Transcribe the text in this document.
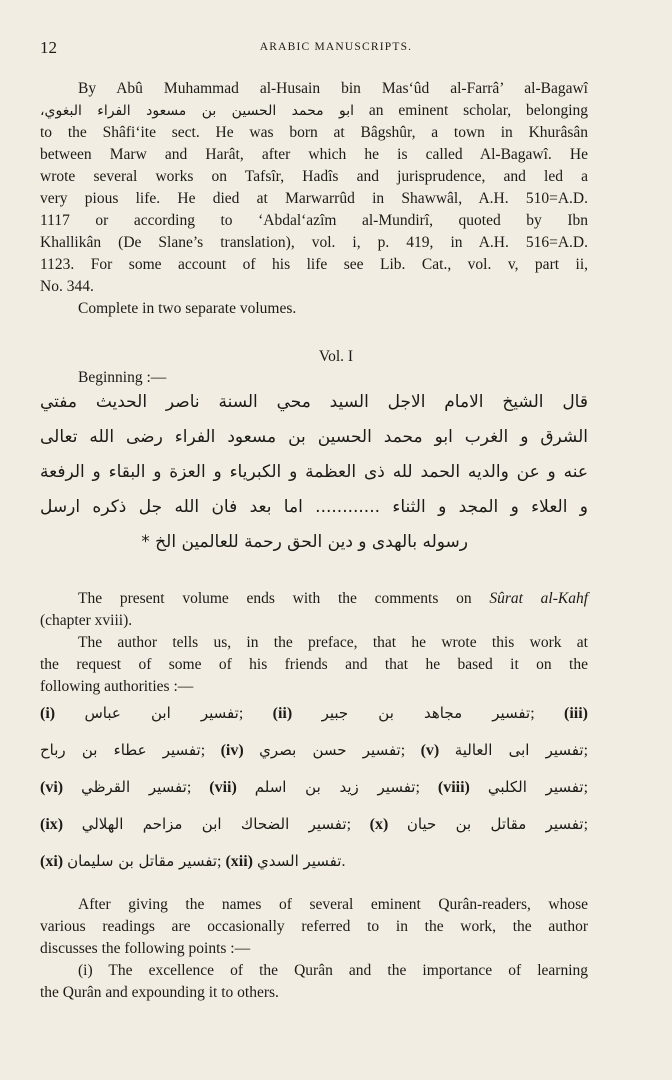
12	ARABIC MANUSCRIPTS.
By Abû Muhammad al-Husain bin Mas‘ûd al-Farrâ’ al-Bagawî
ابو محمد الحسين بن مسعود الفراء البغوي، an eminent scholar, belonging
to the Shâfi‘ite sect. He was born at Bâgshûr, a town in Khurâsân
between Marw and Harât, after which he is called Al-Bagawî. He
wrote several works on Tafsîr, Hadîs and jurisprudence, and led a
very pious life. He died at Marwarrûd in Shawwâl, A.H. 510=A.D.
1117 or according to ‘Abdal‘azîm al-Mundirî, quoted by Ibn
Khallikân (De Slane’s translation), vol. i, p. 419, in A.H. 516=A.D.
1123. For some account of his life see Lib. Cat., vol. v, part ii,
No. 344.
Complete in two separate volumes.
Vol. I
Beginning :—
قال الشيخ الامام الاجل السيد محي السنة ناصر الحديث مفتي
الشرق و الغرب ابو محمد الحسين بن مسعود الفراء رضى الله تعالى
عنه و عن والديه الحمد لله ذى العظمة و الكبرياء و العزة و البقاء و الرفعة
و العلاء و المجد و الثناء ............ اما بعد فان الله جل ذكره ارسل
رسوله بالهدى و دين الحق رحمة للعالمين الخ *
The present volume ends with the comments on Sûrat al-Kahf
(chapter xviii).
The author tells us, in the preface, that he wrote this work at
the request of some of his friends and that he based it on the
following authorities :—
(i) تفسير ابن عباس; (ii) تفسير مجاهد بن جبير; (iii)
تفسير عطاء بن رباح; (iv) تفسير حسن بصري; (v) تفسير ابى العالية;
(vi) تفسير القرظي; (vii) تفسير زيد بن اسلم; (viii) تفسير الكلبي;
(ix) تفسير الضحاك ابن مزاحم الهلالي; (x) تفسير مقاتل بن حيان;
(xi) تفسير مقاتل بن سليمان; (xii) تفسير السدي.
After giving the names of several eminent Qurân-readers, whose
various readings are occasionally referred to in the work, the author
discusses the following points :—
(i) The excellence of the Qurân and the importance of learning
the Qurân and expounding it to others.
